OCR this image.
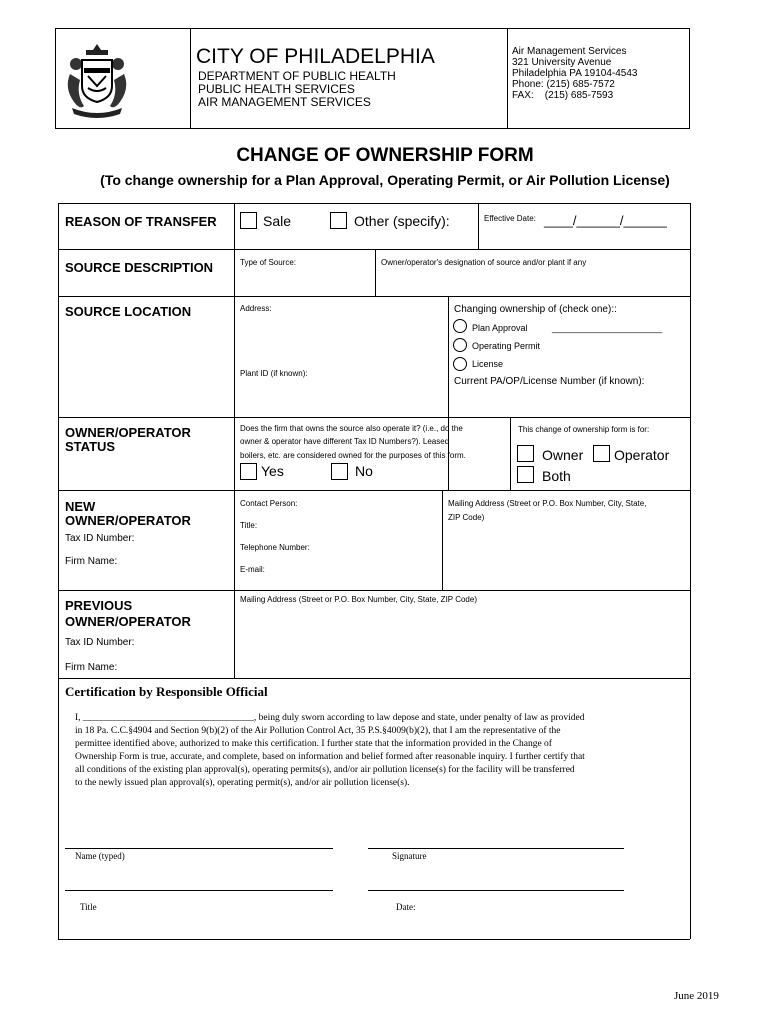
CITY OF PHILADELPHIA
DEPARTMENT OF PUBLIC HEALTH
PUBLIC HEALTH SERVICES
AIR MANAGEMENT SERVICES
Air Management Services
321 University Avenue
Philadelphia PA 19104-4543
Phone: (215) 685-7572
FAX:    (215) 685-7593
CHANGE OF OWNERSHIP FORM
(To change ownership for a Plan Approval, Operating Permit, or Air Pollution License)
REASON OF TRANSFER	Sale	Other (specify):	Effective Date: ____/______/______
SOURCE DESCRIPTION	Type of Source:	Owner/operator's designation of source and/or plant if any
SOURCE LOCATION	Address:
Plant ID (if known):
Changing ownership of (check one)::
Plan Approval	______________________
Operating Permit
License
Current PA/OP/License Number (if known):
OWNER/OPERATOR
STATUS
Does the firm that owns the source also operate it? (i.e., do the
owner & operator have different Tax ID Numbers?). Leased
boilers, etc. are considered owned for the purposes of this form.
Yes	No
This change of ownership form is for:
Owner Operator
Both
NEW
OWNER/OPERATOR
Tax ID Number:
Firm Name:
Contact Person:
Title:
Telephone Number:
E-mail:
Mailing Address (Street or P.O. Box Number, City, State,
ZIP Code)
PREVIOUS
OWNER/OPERATOR
Tax ID Number:
Firm Name:
Mailing Address (Street or P.O. Box Number, City, State, ZIP Code)
Certification by Responsible Official
I, ____________________________________, being duly sworn according to law depose and state, under penalty of law as provided
in 18 Pa. C.C.§4904 and Section 9(b)(2) of the Air Pollution Control Act, 35 P.S.§4009(b)(2), that I am the representative of the
permittee identified above, authorized to make this certification. I further state that the information provided in the Change of
Ownership Form is true, accurate, and complete, based on information and belief formed after reasonable inquiry. I further certify that
all conditions of the existing plan approval(s), operating permits(s), and/or air pollution license(s) for the facility will be transferred
to the newly issued plan approval(s), operating permit(s), and/or air pollution license(s).
Name (typed)	Signature
Title	Date:
June 2019
